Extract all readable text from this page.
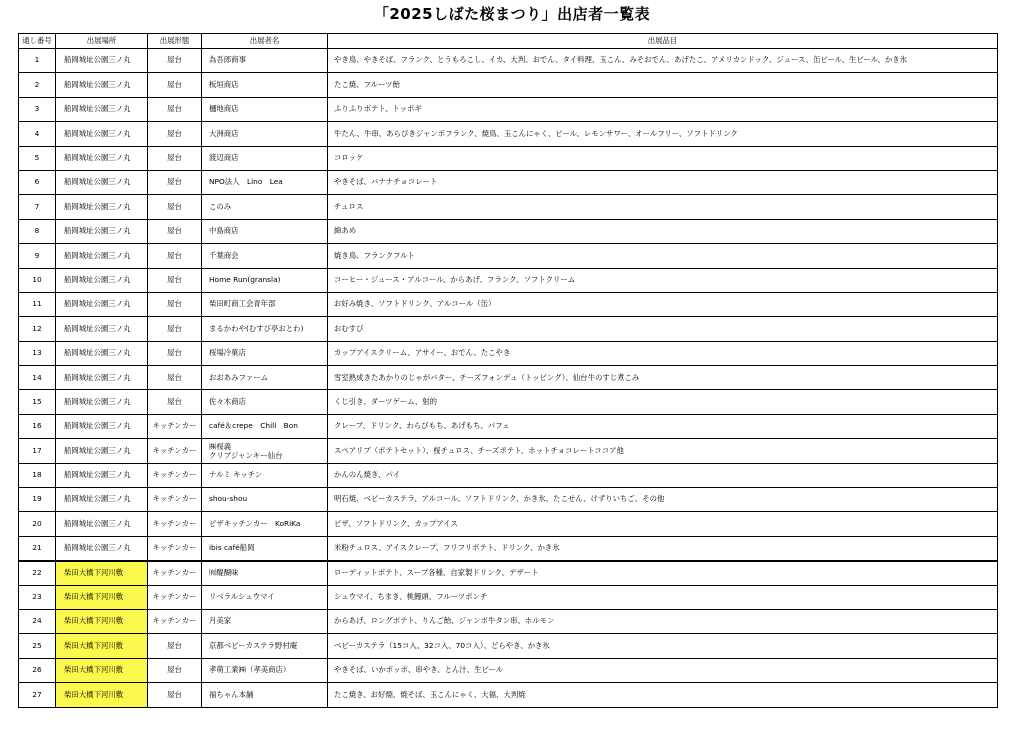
「2025しばた桜まつり」出店者一覧表
通し番号	出展場所	出展形態	出展者名	出展品目
1	船岡城址公園三ノ丸	屋台	為吾郎商事	やき鳥、やきそば、フランク、とうもろこし、イカ、大判、おでん、タイ料理、玉こん、みそおでん、あげたこ、アメリカンドック、ジュース、缶ビール、生ビール、かき氷
2	船岡城址公園三ノ丸	屋台	板垣商店	たこ焼、フルーツ飴
3	船岡城址公園三ノ丸	屋台	樋地商店	ふりふりポテト、トッポギ
4	船岡城址公園三ノ丸	屋台	大洲商店	牛たん、牛串、あらびきジャンボフランク、焼鳥、玉こんにゃく、ビール、レモンサワー、オールフリー、ソフトドリンク
5	船岡城址公園三ノ丸	屋台	渡辺商店	コロッケ
6	船岡城址公園三ノ丸	屋台	NPO法人　Lino　Lea	やきそば、バナナチョコレート
7	船岡城址公園三ノ丸	屋台	このみ	チュロス
8	船岡城址公園三ノ丸	屋台	中島商店	綿あめ
9	船岡城址公園三ノ丸	屋台	千葉商会	焼き鳥、フランクフルト
10	船岡城址公園三ノ丸	屋台	Home Run(gransla)	コーヒー・ジュース・アルコール、からあげ、フランク、ソフトクリーム
11	船岡城址公園三ノ丸	屋台	柴田町商工会青年部	お好み焼き、ソフトドリンク、アルコール（缶）
12	船岡城址公園三ノ丸	屋台	まるかわや(むすび亭おとわ)	おむすび
13	船岡城址公園三ノ丸	屋台	桜場冷菓店	カップアイスクリーム、アサイー、おでん、たこやき
14	船岡城址公園三ノ丸	屋台	おおあみファーム	雪室熟成きたあかりのじゃがバター、チーズフォンデュ（トッピング）、仙台牛のすじ煮こみ
15	船岡城址公園三ノ丸	屋台	佐々木商店	くじ引き、ダーツゲーム、射的
16	船岡城址公園三ノ丸	キッチンカー	café＆crepe　Chill　Bon	クレープ、ドリンク、わらびもち、あげもち、パフェ
17	船岡城址公園三ノ丸	キッチンカー	㈱桜義
クリプジャンキー仙台	スペアリブ（ポテトセット）、桜チュロス、チーズポテト、ホットチョコレートココア他
18	船岡城址公園三ノ丸	キッチンカー	ナルミ キッチン	かんのん焼き、パイ
19	船岡城址公園三ノ丸	キッチンカー	shou-shou	明石焼、ベビーカステラ、アルコール、ソフトドリンク、かき氷、たこせん、けずりいちご、その他
20	船岡城址公園三ノ丸	キッチンカー	ピザキッチンカー　KoRiKa	ピザ、ソフトドリンク、カップアイス
21	船岡城址公園三ノ丸	キッチンカー	ibis café船岡	米粉チュロス、アイスクレープ、フリフリポテト、ドリンク、かき氷
22	柴田大橋下河川敷	キッチンカー	㈲醍醐味	ローディットポテト、スープ各種、自家製ドリンク、デザート
23	柴田大橋下河川敷	キッチンカー	リベラルシュウマイ	シュウマイ、ちまき、桃饅頭、フルーツポンチ
24	柴田大橋下河川敷	キッチンカー	月美家	からあげ、ロングポテト、りんご飴、ジャンボ牛タン串、ホルモン
25	柴田大橋下河川敷	屋台	京都ベビーカステラ野村庵	ベビーカステラ（15コ入、32コ入、70コ入）、どらやき、かき氷
26	柴田大橋下河川敷	屋台	孝萌工業㈱（孝美商店）	やきそば、いかポッポ、串やき、とん汁、生ビール
27	柴田大橋下河川敷	屋台	福ちゃん本舗	たこ焼き、お好焼、焼そば、玉こんにゃく、大福、大判焼
